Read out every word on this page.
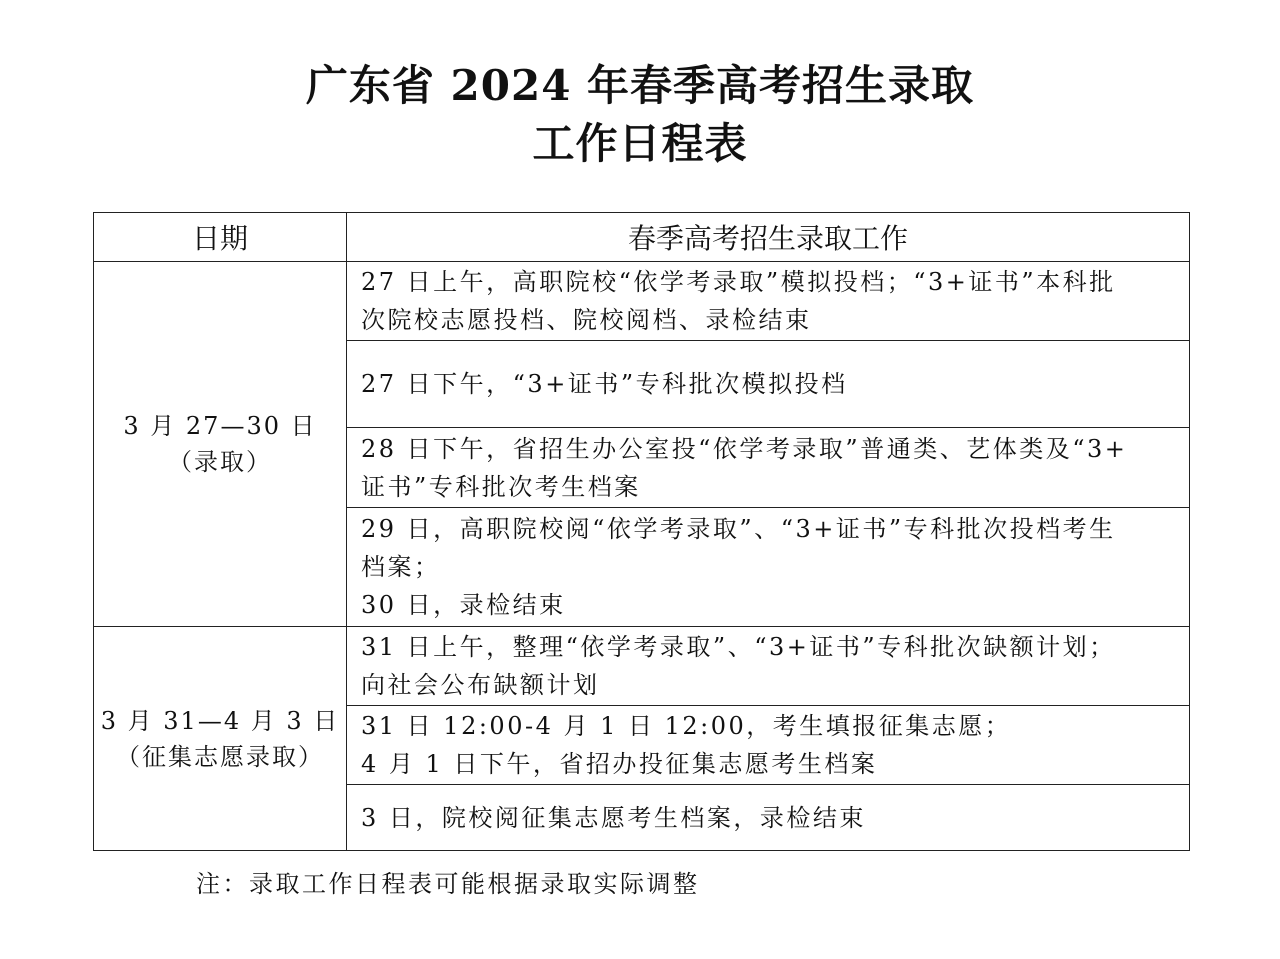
广东省 2024 年春季高考招生录取
工作日程表
日期	春季高考招生录取工作

3 月 27—30 日
（录取）	27 日上午，高职院校“依学考录取”模拟投档；“3+证书”本科批
次院校志愿投档、院校阅档、录检结束

	27 日下午，“3+证书”专科批次模拟投档

	28 日下午，省招生办公室投“依学考录取”普通类、艺体类及“3+
证书”专科批次考生档案

	29 日，高职院校阅“依学考录取”、“3+证书”专科批次投档考生
档案；
30 日，录检结束

3 月 31—4 月 3 日
（征集志愿录取）	31 日上午，整理“依学考录取”、“3+证书”专科批次缺额计划；
向社会公布缺额计划

	31 日 12:00-4 月 1 日 12:00，考生填报征集志愿；
4 月 1 日下午，省招办投征集志愿考生档案

	3 日，院校阅征集志愿考生档案，录检结束
注：录取工作日程表可能根据录取实际调整
